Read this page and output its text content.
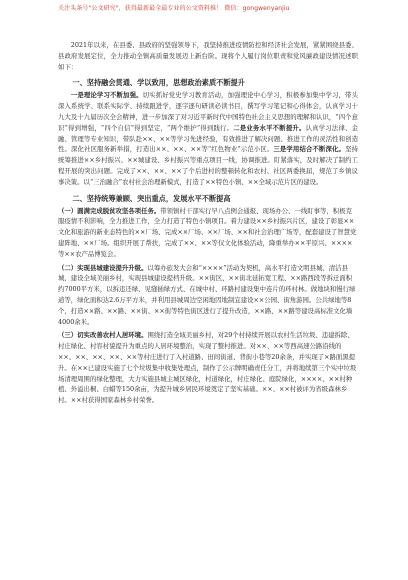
关注头条号"公文研究"，获得最新最全最专业的公文资料推！ 微信：gongwenyanjiu

2021年以来，在县委、县政府的坚强领导下，我坚持推进疫情防控和经济社会发展，紧紧围绕县委、县政府发展定位，全力推动全镇高质量发展迈上新台阶。现将个人履行岗位职责和党风廉政建设情况述职如下：

一、坚持融会贯通、学以致用，思想政治素质不断提升

一是理论学习不断加强。切实抓好党史学习教育活动，加强理论中心学习，积极参加集中学习，带头深入系统学、联系实际学、持续跟进学，逐字逐句研读必读书目，撰写学习笔记和心得体会，认真学习十九大及十九届历次全会精神，进一步加深了对习近平新时代中国特色社会主义思想的理解和认识，“四个意识”得到增强，“四个自信”得到坚定，“两个维护”得到践行。二是业务水平不断提升。认真学习法律、金融、管理等专业知识，带队赴××、××等学习先进经验，有效推进了解决问题、推进工作的灵活性和创造性。深化社区服务新举措，打造出××、××、××等“红色物业”示范小区。三是学用结合不断深化。坚持统筹推进××乡村振兴、××城建设、乡村振兴等重点项目一线，协调推进。盯紧落实，及时解决了制约工程开展的突出问题。完成了××、××、××了个后进村的整顿转化和农村、社区两委换届，规范了乡镇议事决策。以“三治融合”农村社会治理新模式，打造了××特色小镇、××全域示范片区的建设。

二、坚持统筹兼顾、突出重点，发展水平不断提高

（一）圆满完成脱贫攻坚各项任务。带领镇村干部实行早八点例会通报、现场办公、一线盯事等，积极克服疫情不利影响，全力推进工作，全力打造了特色小镇项目。着力建设××乡村振兴片区，建设了彰显××文化和旅游的新业态特色的××厂场、完成××厂场、××厂场、××和社会治理广场等，配套建设了智慧党建阵地、××厂场。组织开展了帮扶，完成了××、××等仅文化体验活动，降重举办××平原兴、××××等××农产品博览会。

（二）实现县城建设提升升级。以筹办旅发大会和“××××”活动为契机，高水平打造文明县城、清洁县城，建设全域美丽乡村，实现县城建设提档升级。××街区、××街北延拓宽工程、××路西段等拆迁面积约7000平方米，以拆违还绿、见缝插绿方式、在城中村、环路村建设集中连片的环村林。做地块和慢行绿道等，绿化面积达2.6万平方米，并利用县城周边空闲地因地制宜建设××公园、街角游园。公共绿地等8个，打造××路、××路、××街、××街等特色街区进行了提升改造，××路、××路等建设高标准文化墙4000余米。

（三）切实改善农村人居环境。围绕打造全域美丽乡村，对29个村持续开展以农村生活垃圾、违建拆除、村庄绿化、村容村貌提升为重点的人居环境整治，实现了整村推进。对××、××等西高速公路沿线的××、××、××、××、××等村庄进行了入村道路、田间街道、背街小巷等20余条，并实现了×路面黑提升。在××已建设实施了七个垃圾集中收集处理点，制作了公示牌明确责任分工，并将地续第三个实中垃圾场清理周围的绿化整理，大力实施县城主城区绿化，村道绿化，村庄绿化、庭院绿化，××××、××村种植、外溢出桐、白蜡等150余亩，为提升城乡居民环境奠定了坚实基础。××、××村被评为省级森林乡村。××村获得国家森林乡村荣誉。
